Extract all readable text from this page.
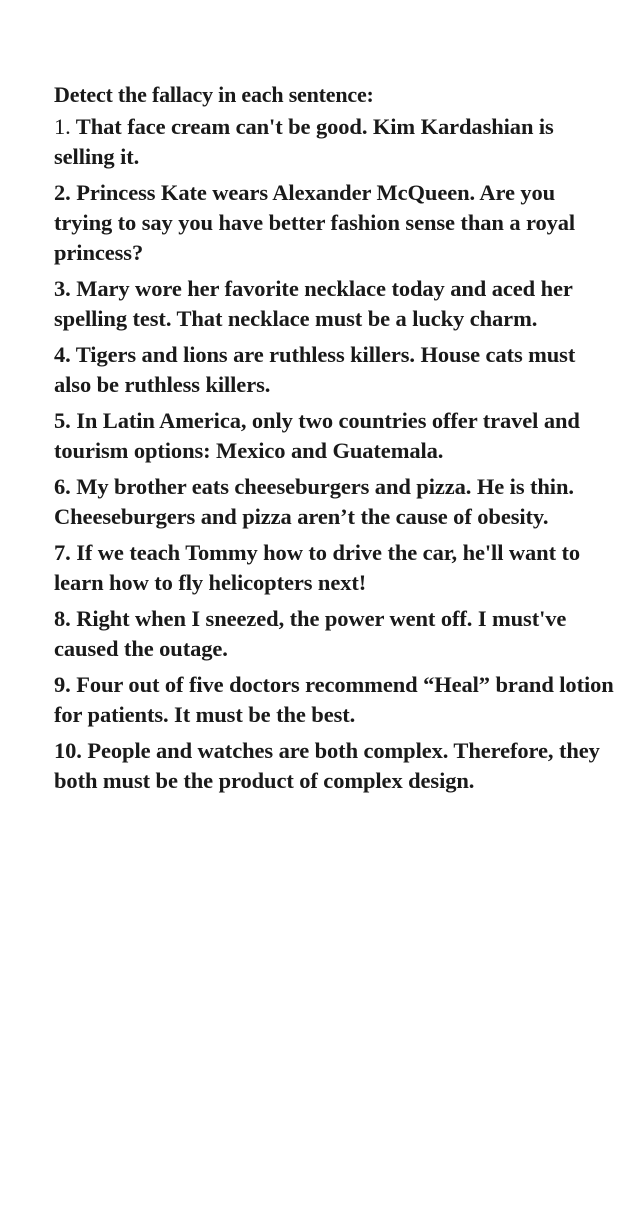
Detect the fallacy in each sentence:
1. That face cream can't be good. Kim Kardashian is selling it.
2. Princess Kate wears Alexander McQueen. Are you trying to say you have better fashion sense than a royal princess?
3. Mary wore her favorite necklace today and aced her spelling test. That necklace must be a lucky charm.
4. Tigers and lions are ruthless killers. House cats must also be ruthless killers.
5. In Latin America, only two countries offer travel and tourism options: Mexico and Guatemala.
6. My brother eats cheeseburgers and pizza. He is thin. Cheeseburgers and pizza aren’t the cause of obesity.
7. If we teach Tommy how to drive the car, he'll want to learn how to fly helicopters next!
8. Right when I sneezed, the power went off. I must've caused the outage.
9. Four out of five doctors recommend “Heal” brand lotion for patients. It must be the best.
10. People and watches are both complex. Therefore, they both must be the product of complex design.
